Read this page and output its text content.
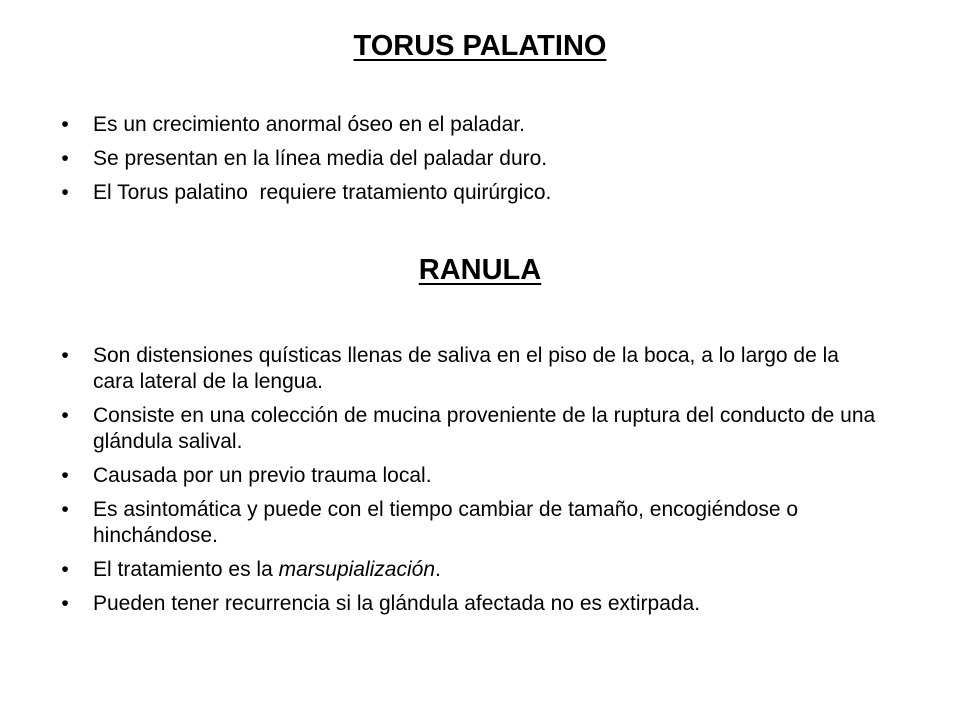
TORUS PALATINO
• Es un crecimiento anormal óseo en el paladar.
• Se presentan en la línea media del paladar duro.
• El Torus palatino  requiere tratamiento quirúrgico.
RANULA
• Son distensiones quísticas llenas de saliva en el piso de la boca, a lo largo de la cara lateral de la lengua.
• Consiste en una colección de mucina proveniente de la ruptura del conducto de una glándula salival.
• Causada por un previo trauma local.
• Es asintomática y puede con el tiempo cambiar de tamaño, encogiéndose o hinchándose.
• El tratamiento es la marsupialización.
• Pueden tener recurrencia si la glándula afectada no es extirpada.
